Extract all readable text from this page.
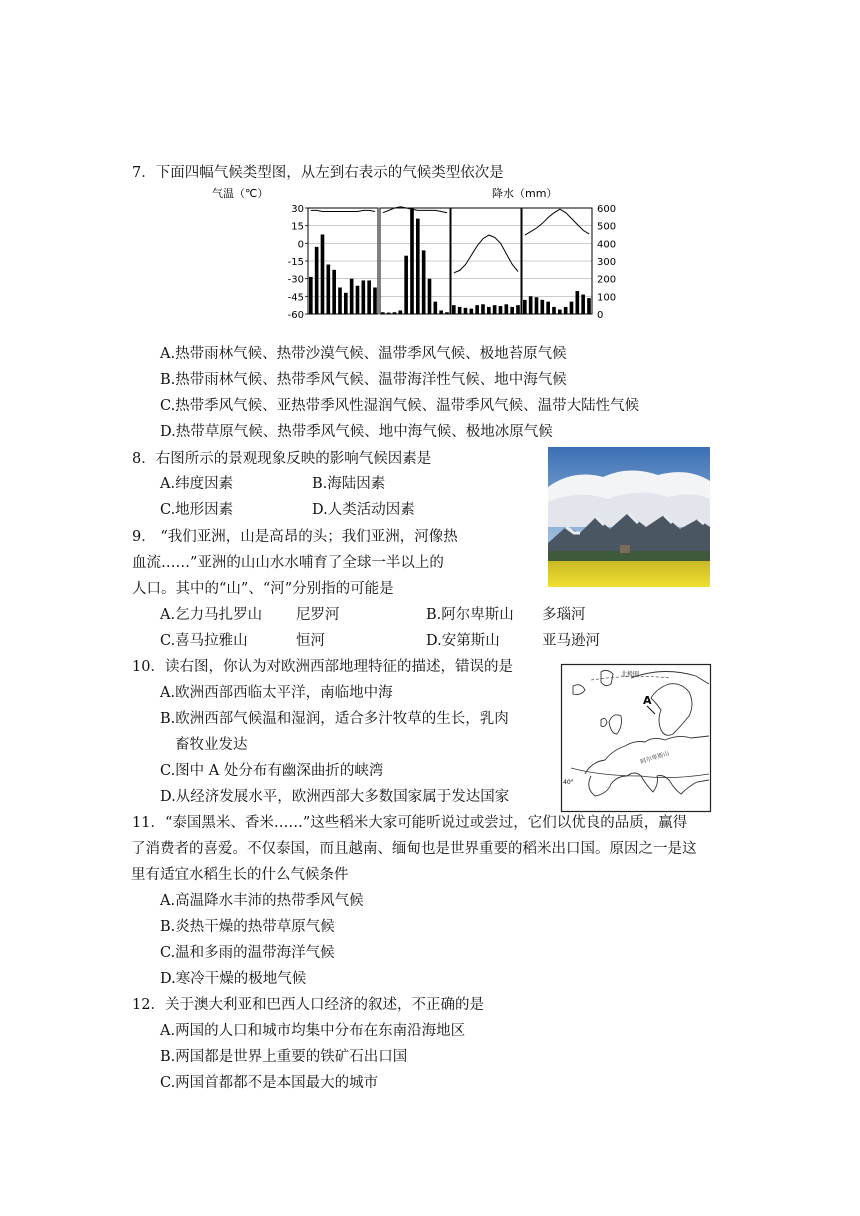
7．下面四幅气候类型图，从左到右表示的气候类型依次是
气温（℃）	降水（mm）
30
15
0
-15
-30
-45
-60
600
500
400
300
200
100
0
A.热带雨林气候、热带沙漠气候、温带季风气候、极地苔原气候
B.热带雨林气候、热带季风气候、温带海洋性气候、地中海气候
C.热带季风气候、亚热带季风性湿润气候、温带季风气候、温带大陆性气候
D.热带草原气候、热带季风气候、地中海气候、极地冰原气候
8．右图所示的景观现象反映的影响气候因素是
A.纬度因素	B.海陆因素
C.地形因素	D.人类活动因素
9． “我们亚洲，山是高昂的头；我们亚洲，河像热
血流……”亚洲的山山水水哺育了全球一半以上的
人口。其中的“山”、“河”分别指的可能是
A.乞力马扎罗山 尼罗河	B.阿尔卑斯山 多瑙河
C.喜马拉雅山	恒河	D.安第斯山	亚马逊河
10．读右图，你认为对欧洲西部地理特征的描述，错误的是
A.欧洲西部西临太平洋，南临地中海
B.欧洲西部气候温和湿润，适合多汁牧草的生长，乳肉
畜牧业发达
C.图中 A 处分布有幽深曲折的峡湾
D.从经济发展水平，欧洲西部大多数国家属于发达国家
北极圈
阿尔卑斯山
A
40°
11．“泰国黑米、香米……”这些稻米大家可能听说过或尝过，它们以优良的品质，赢得
了消费者的喜爱。不仅泰国，而且越南、缅甸也是世界重要的稻米出口国。原因之一是这
里有适宜水稻生长的什么气候条件
A.高温降水丰沛的热带季风气候
B.炎热干燥的热带草原气候
C.温和多雨的温带海洋气候
D.寒冷干燥的极地气候
12．关于澳大利亚和巴西人口经济的叙述，不正确的是
A.两国的人口和城市均集中分布在东南沿海地区
B.两国都是世界上重要的铁矿石出口国
C.两国首都都不是本国最大的城市
